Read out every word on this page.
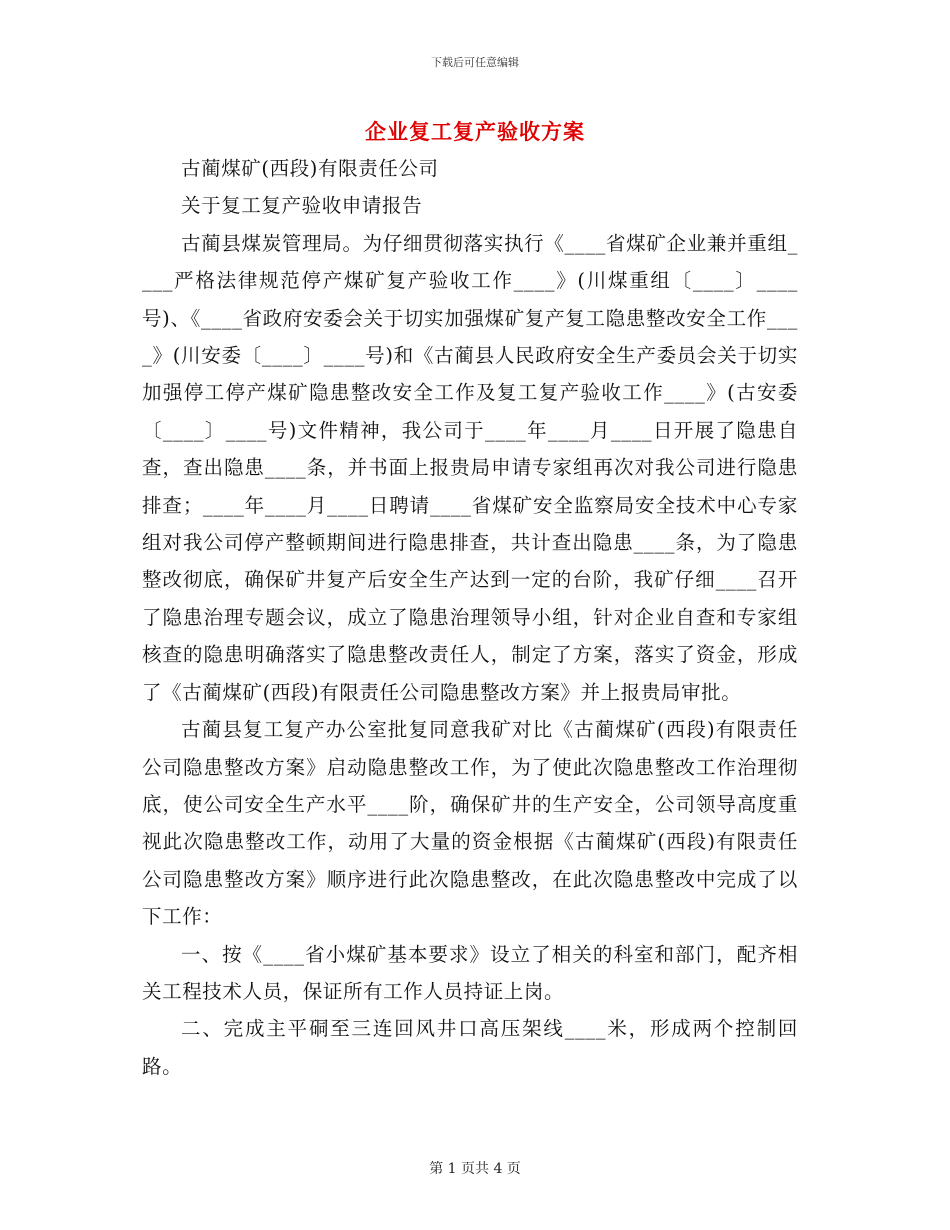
下载后可任意编辑
企业复工复产验收方案

古蔺煤矿(西段)有限责任公司

关于复工复产验收申请报告

古蔺县煤炭管理局。为仔细贯彻落实执行《____省煤矿企业兼并重组____严格法律规范停产煤矿复产验收工作____》(川煤重组〔____〕____号)、《____省政府安委会关于切实加强煤矿复产复工隐患整改安全工作____》(川安委〔____〕____号)和《古蔺县人民政府安全生产委员会关于切实加强停工停产煤矿隐患整改安全工作及复工复产验收工作____》(古安委〔____〕____号)文件精神，我公司于____年____月____日开展了隐患自查，查出隐患____条，并书面上报贵局申请专家组再次对我公司进行隐患排查；____年____月____日聘请____省煤矿安全监察局安全技术中心专家组对我公司停产整顿期间进行隐患排查，共计查出隐患____条，为了隐患整改彻底，确保矿井复产后安全生产达到一定的台阶，我矿仔细____召开了隐患治理专题会议，成立了隐患治理领导小组，针对企业自查和专家组核查的隐患明确落实了隐患整改责任人，制定了方案，落实了资金，形成了《古蔺煤矿(西段)有限责任公司隐患整改方案》并上报贵局审批。

古蔺县复工复产办公室批复同意我矿对比《古蔺煤矿(西段)有限责任公司隐患整改方案》启动隐患整改工作，为了使此次隐患整改工作治理彻底，使公司安全生产水平____阶，确保矿井的生产安全，公司领导高度重视此次隐患整改工作，动用了大量的资金根据《古蔺煤矿(西段)有限责任公司隐患整改方案》顺序进行此次隐患整改，在此次隐患整改中完成了以下工作：

一、按《____省小煤矿基本要求》设立了相关的科室和部门，配齐相关工程技术人员，保证所有工作人员持证上岗。

二、完成主平硐至三连回风井口高压架线____米，形成两个控制回路。

第 1 页共 4 页
